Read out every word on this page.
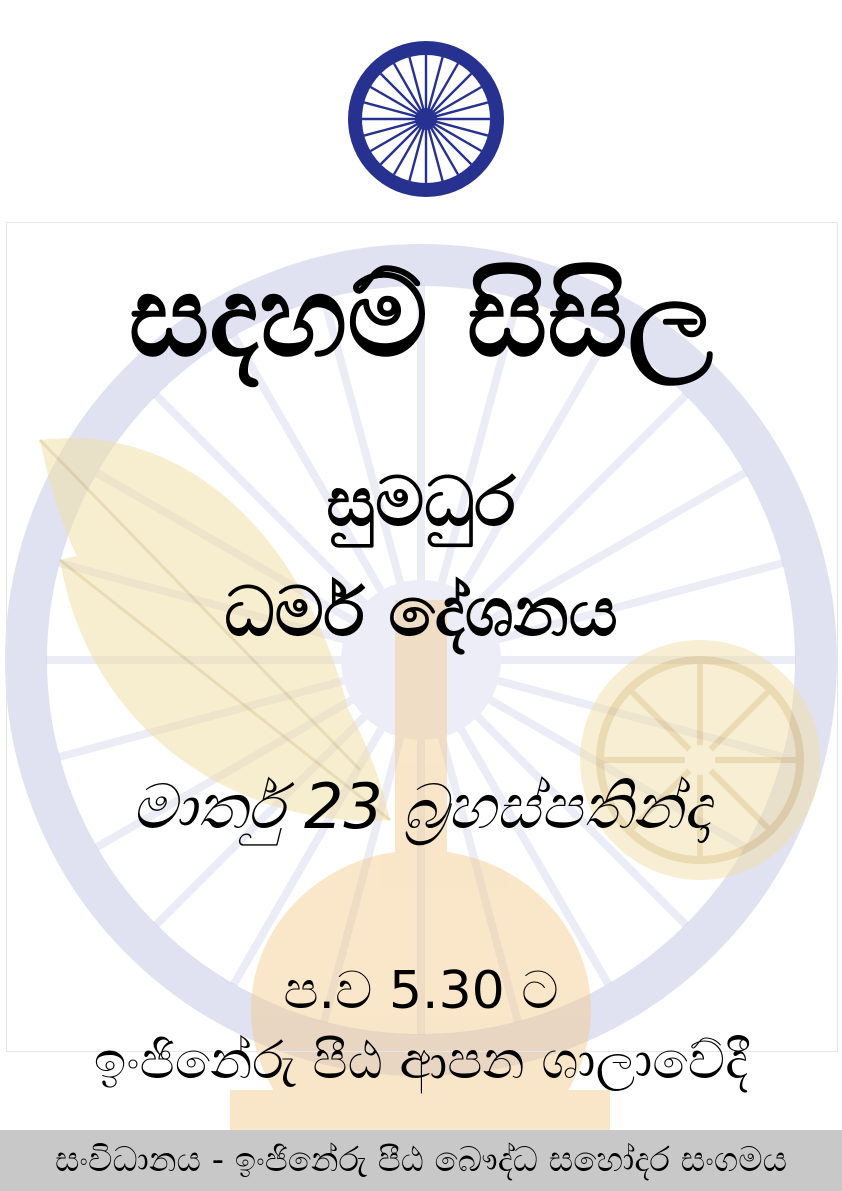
සදහම් සිසිල
සුමධුර
ධර්ම දේශනය
මාර්තු 23 බ්‍රහස්පතින්දා
ප.ව 5.30 ට
ඉංජිනේරු පීඨ ආපන ශාලාවේදී
සංවිධානය - ඉංජිනේරු පීඨ බෞද්ධ සහෝදර සංගමය
